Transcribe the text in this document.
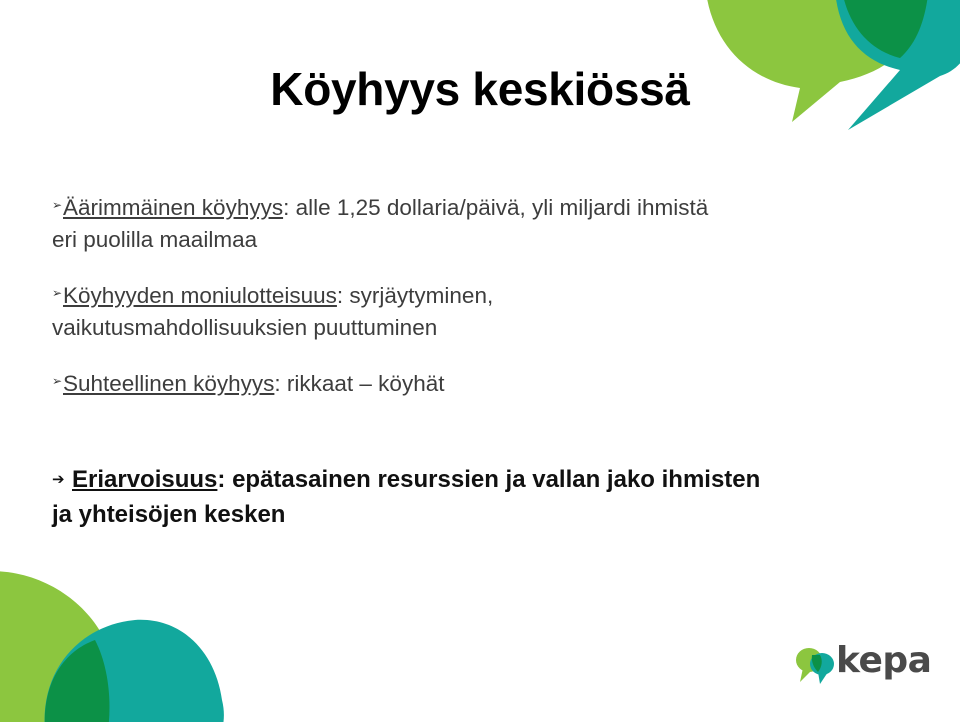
Köyhyys keskiössä
➢Äärimmäinen köyhyys: alle 1,25 dollaria/päivä, yli miljardi ihmistä
eri puolilla maailmaa
➢Köyhyyden moniulotteisuus: syrjäytyminen,
vaikutusmahdollisuuksien puuttuminen
➢Suhteellinen köyhyys: rikkaat – köyhät
➔ Eriarvoisuus: epätasainen resurssien ja vallan jako ihmisten
ja yhteisöjen kesken
kepa
